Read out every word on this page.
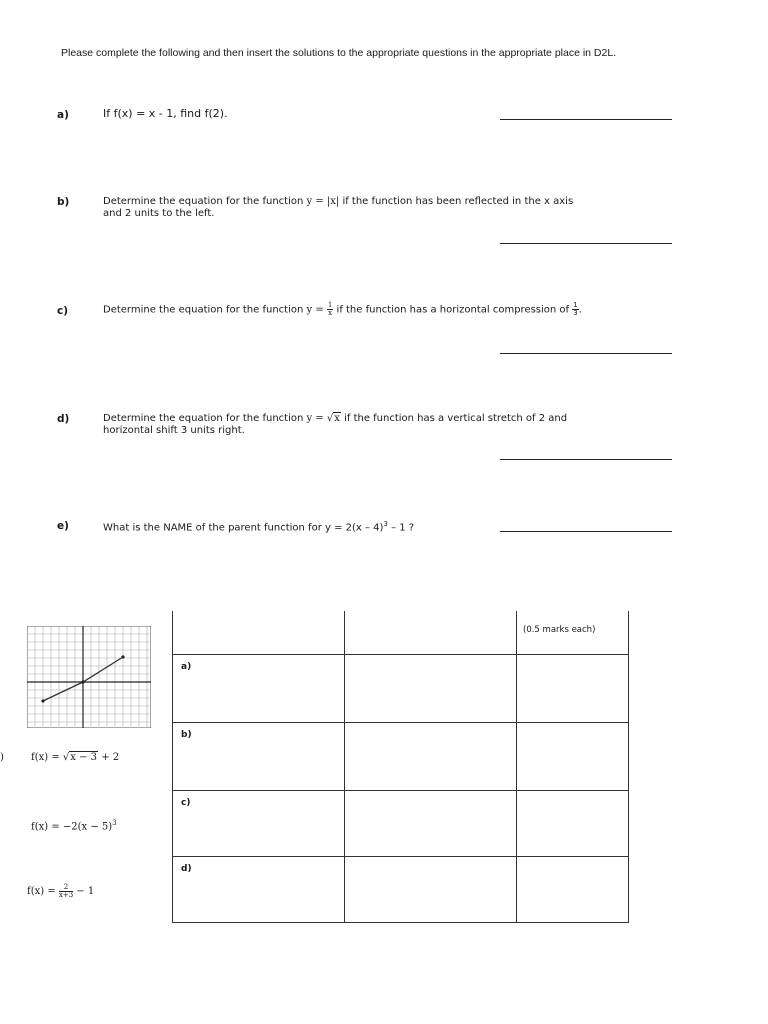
Please complete the following and then insert the solutions to the appropriate questions in the appropriate place in D2L.
a)	If f(x) = x - 1, find f(2).
b)	Determine the equation for the function y = |x| if the function has been reflected in the x axis
and 2 units to the left.
c)	Determine the equation for the function $y = \frac{1}{x}$ if the function has a horizontal compression of $\frac{1}{3}$ .
d)	Determine the equation for the function y = √x if the function has a vertical stretch of 2 and
horizontal shift 3 units right.
e)	What is the NAME of the parent function for y = 2(x – 4)$^3$ – 1 ?
)	f(x) = √x − 3 + 2
$f(x) = -2(x - 5)^3$
$f(x) = \frac{2}{x+3} - 1$

		(0.5 marks each)

a)		

b)		

c)		

d)		
